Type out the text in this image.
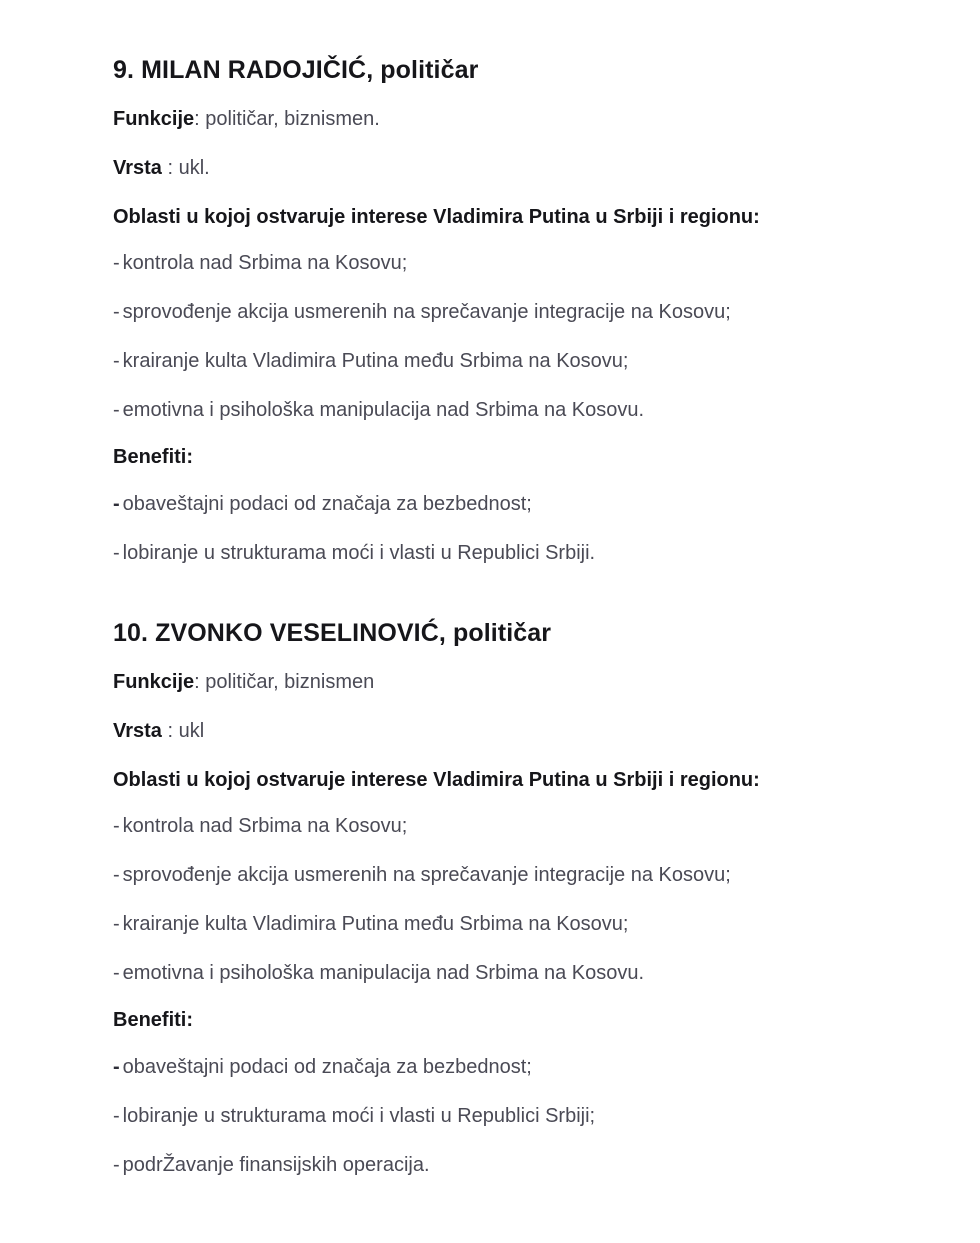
9. MILAN RADOJIČIĆ, političar

Funkcije: političar, biznismen.

Vrsta : ukl.

Oblasti u kojoj ostvaruje interese Vladimira Putina u Srbiji i regionu:
- kontrola nad Srbima na Kosovu;
- sprovođenje akcija usmerenih na sprečavanje integracije na Kosovu;
- krairanje kulta Vladimira Putina među Srbima na Kosovu;
- emotivna i psihološka manipulacija nad Srbima na Kosovu.
Benefiti:
- obaveštajni podaci od značaja za bezbednost;
- lobiranje u strukturama moći i vlasti u Republici Srbiji.
10. ZVONKO VESELINOVIĆ, političar

Funkcije: političar, biznismen

Vrsta : ukl

Oblasti u kojoj ostvaruje interese Vladimira Putina u Srbiji i regionu:
- kontrola nad Srbima na Kosovu;
- sprovođenje akcija usmerenih na sprečavanje integracije na Kosovu;
- krairanje kulta Vladimira Putina među Srbima na Kosovu;
- emotivna i psihološka manipulacija nad Srbima na Kosovu.
Benefiti:
- obaveštajni podaci od značaja za bezbednost;
- lobiranje u strukturama moći i vlasti u Republici Srbiji;
- podrŽavanje finansijskih operacija.
